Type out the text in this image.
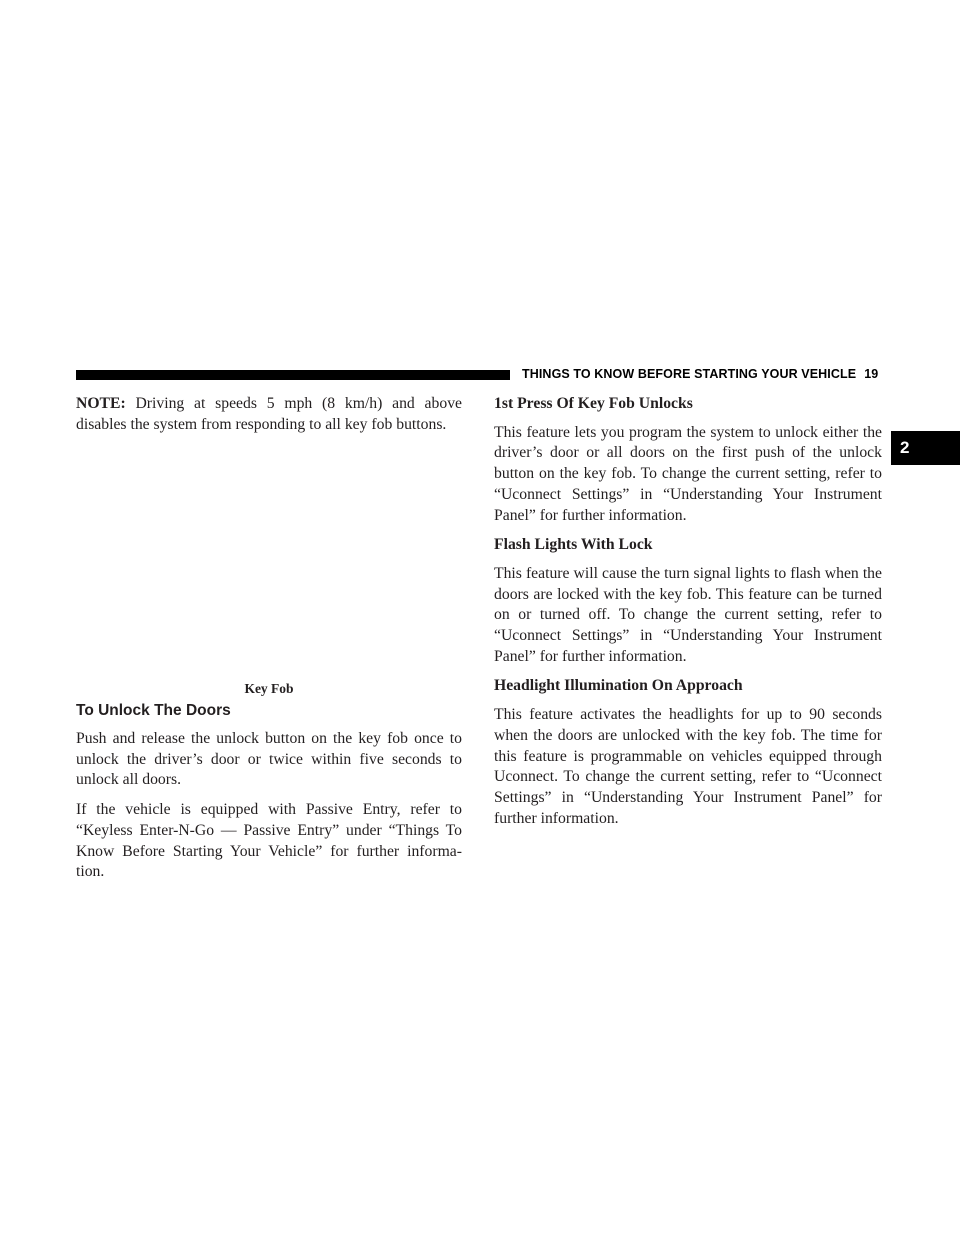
THINGS TO KNOW BEFORE STARTING YOUR VEHICLE 19
2

NOTE: Driving at speeds 5 mph (8 km/h) and above disables the system from responding to all key fob buttons.

Key Fob
To Unlock The Doors

Push and release the unlock button on the key fob once to unlock the driver’s door or twice within five seconds to unlock all doors.

If the vehicle is equipped with Passive Entry, refer to “Keyless Enter-N-Go — Passive Entry” under “Things To Know Before Starting Your Vehicle” for further informa-tion.

1st Press Of Key Fob Unlocks

This feature lets you program the system to unlock either the driver’s door or all doors on the first push of the unlock button on the key fob. To change the current setting, refer to “Uconnect Settings” in “Understanding Your Instrument Panel” for further information.

Flash Lights With Lock

This feature will cause the turn signal lights to flash when the doors are locked with the key fob. This feature can be turned on or turned off. To change the current setting, refer to “Uconnect Settings” in “Understanding Your Instrument Panel” for further information.

Headlight Illumination On Approach

This feature activates the headlights for up to 90 seconds when the doors are unlocked with the key fob. The time for this feature is programmable on vehicles equipped through Uconnect. To change the current setting, refer to “Uconnect Settings” in “Understanding Your Instrument Panel” for further information.
